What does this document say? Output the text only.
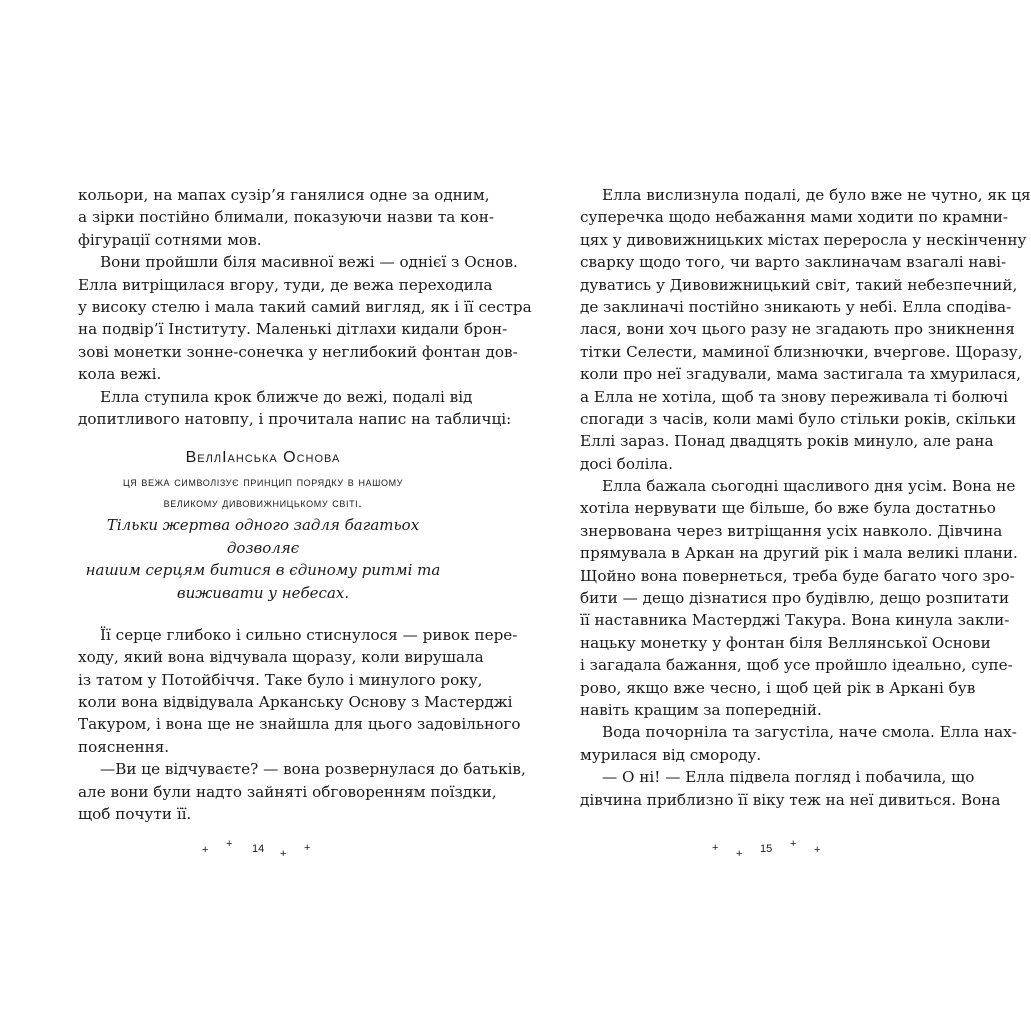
кольори, на мапах сузір’я ганялися одне за одним,
а зірки постійно блимали, показуючи назви та кон-
фігурації сотнями мов.
Вони пройшли біля масивної вежі — однієї з Основ.
Елла витріщилася вгору, туди, де вежа переходила
у високу стелю і мала такий самий вигляд, як і її сестра
на подвір’ї Інституту. Маленькі дітлахи кидали брон-
зові монетки зонне-сонечка у неглибокий фонтан дов-
кола вежі.
Елла ступила крок ближче до вежі, подалі від
допитливого натовпу, і прочитала напис на табличці:
ВеллІанська Основа
ця вежа символізує принцип порядку в нашому
великому дивовижницькому світі.
Тільки жертва одного задля багатьох дозволяє
нашим серцям битися в єдиному ритмі та
виживати у небесах.
Її серце глибоко і сильно стиснулося — ривок пере-
ходу, який вона відчувала щоразу, коли вирушала
із татом у Потойбіччя. Таке було і минулого року,
коли вона відвідувала Арканську Основу з Мастерджі
Такуром, і вона ще не знайшла для цього задовільного
пояснення.
—Ви це відчуваєте? — вона розвернулася до батьків,
але вони були надто зайняті обговоренням поїздки,
щоб почути її.
+ + 14 + +
Елла вислизнула подалі, де було вже не чутно, як ця
суперечка щодо небажання мами ходити по крамни-
цях у дивовижницьких містах переросла у нескінченну
сварку щодо того, чи варто заклиначам взагалі наві-
дуватись у Дивовижницький світ, такий небезпечний,
де заклиначі постійно зникають у небі. Елла сподіва-
лася, вони хоч цього разу не згадають про зникнення
тітки Селести, маминої близнючки, вчергове. Щоразу,
коли про неї згадували, мама застигала та хмурилася,
а Елла не хотіла, щоб та знову переживала ті болючі
спогади з часів, коли мамі було стільки років, скільки
Еллі зараз. Понад двадцять років минуло, але рана
досі боліла.
Елла бажала сьогодні щасливого дня усім. Вона не
хотіла нервувати ще більше, бо вже була достатньо
знервована через витріщання усіх навколо. Дівчина
прямувала в Аркан на другий рік і мала великі плани.
Щойно вона повернеться, треба буде багато чого зро-
бити — дещо дізнатися про будівлю, дещо розпитати
її наставника Мастерджі Такура. Вона кинула закли-
нацьку монетку у фонтан біля Веллянської Основи
і загадала бажання, щоб усе пройшло ідеально, супе-
рово, якщо вже чесно, і щоб цей рік в Аркані був
навіть кращим за попередній.
Вода почорніла та загустіла, наче смола. Елла нах-
мурилася від смороду.
— О ні! — Елла підвела погляд і побачила, що
дівчина приблизно її віку теж на неї дивиться. Вона
+ + 15 + +
